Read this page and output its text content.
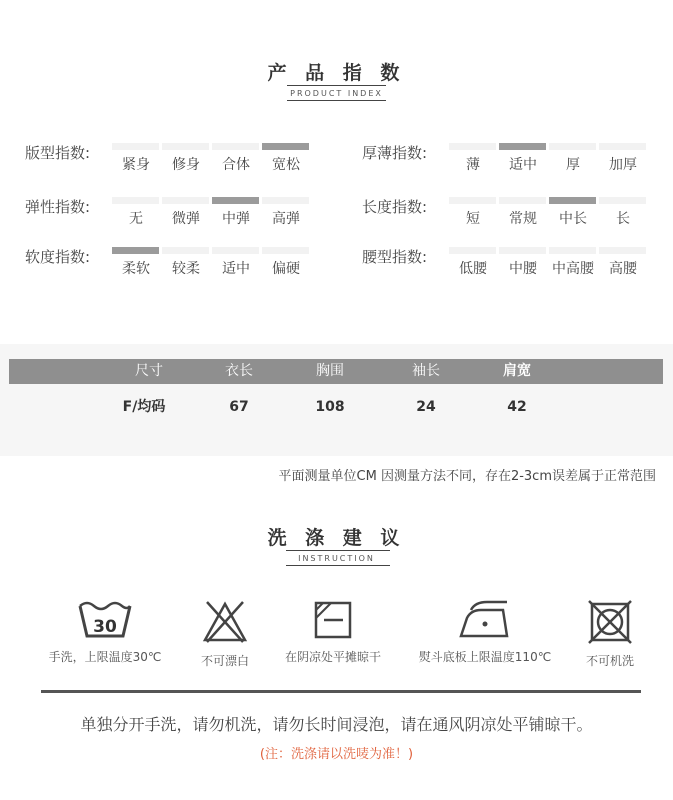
产 品 指 数
PRODUCT INDEX
版型指数:
紧身	修身	合体	宽松
弹性指数:
无	微弹	中弹	高弹
软度指数:
柔软	较柔	适中	偏硬
厚薄指数:
薄	适中	厚	加厚
长度指数:
短	常规	中长	长
腰型指数:
低腰	中腰	中高腰	高腰
尺寸	衣长	胸围	袖长	肩宽
F/均码	67	108	24	42
平面测量单位CM 因测量方法不同，存在2-3cm误差属于正常范围
洗 涤 建 议
INSTRUCTION
30
手洗，上限温度30℃	不可漂白	在阴凉处平摊晾干	熨斗底板上限温度110℃	不可机洗
单独分开手洗，请勿机洗，请勿长时间浸泡，请在通风阴凉处平铺晾干。
(注：洗涤请以洗唛为准！)
